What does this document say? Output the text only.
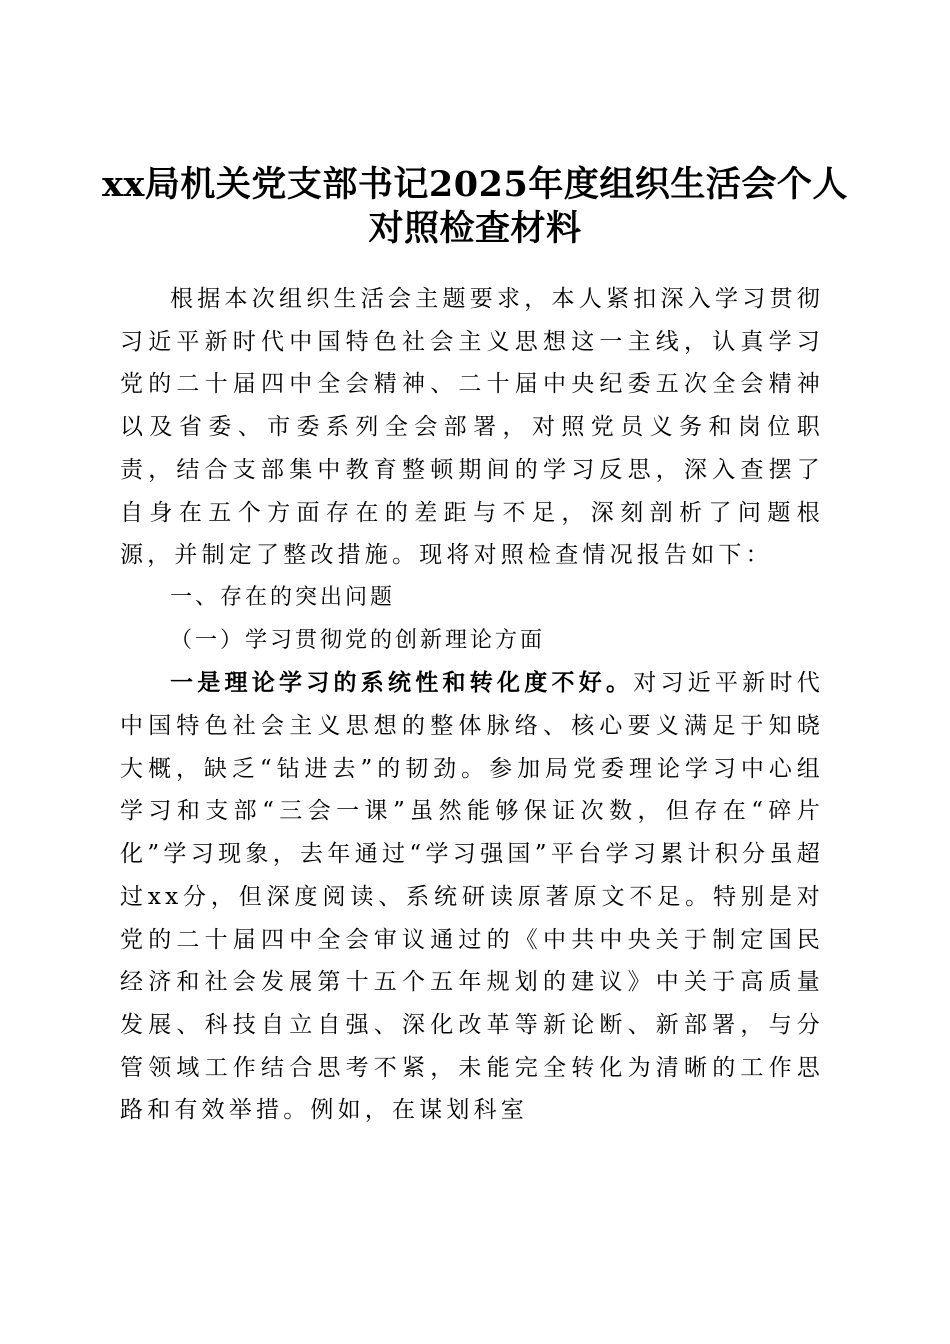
xx局机关党支部书记2025年度组织生活会个人对照检查材料

根据本次组织生活会主题要求，本人紧扣深入学习贯彻习近平新时代中国特色社会主义思想这一主线，认真学习党的二十届四中全会精神、二十届中央纪委五次全会精神以及省委、市委系列全会部署，对照党员义务和岗位职责，结合支部集中教育整顿期间的学习反思，深入查摆了自身在五个方面存在的差距与不足，深刻剖析了问题根源，并制定了整改措施。现将对照检查情况报告如下：

一、存在的突出问题

（一）学习贯彻党的创新理论方面

一是理论学习的系统性和转化度不好。对习近平新时代中国特色社会主义思想的整体脉络、核心要义满足于知晓大概，缺乏“钻进去”的韧劲。参加局党委理论学习中心组学习和支部“三会一课”虽然能够保证次数，但存在“碎片化”学习现象，去年通过“学习强国”平台学习累计积分虽超过xx分，但深度阅读、系统研读原著原文不足。特别是对党的二十届四中全会审议通过的《中共中央关于制定国民经济和社会发展第十五个五年规划的建议》中关于高质量发展、科技自立自强、深化改革等新论断、新部署，与分管领域工作结合思考不紧，未能完全转化为清晰的工作思路和有效举措。例如，在谋划科室
